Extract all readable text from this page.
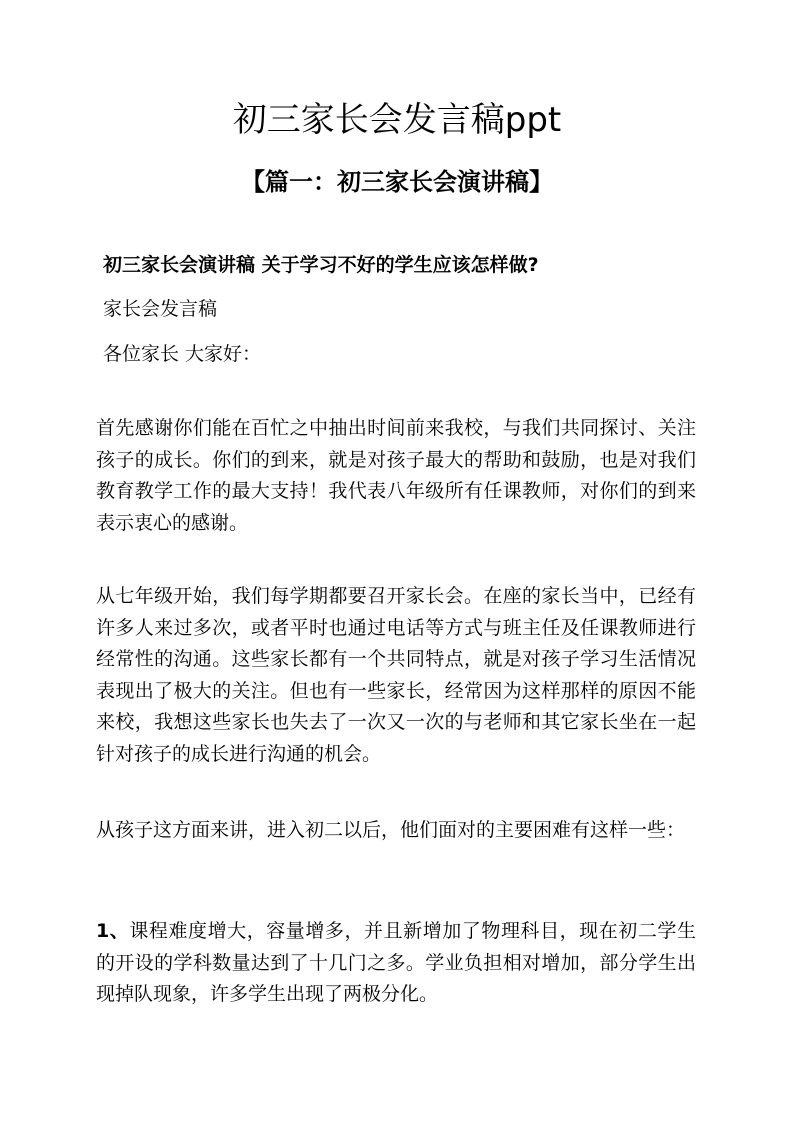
初三家长会发言稿ppt
【篇一：初三家长会演讲稿】

初三家长会演讲稿 关于学习不好的学生应该怎样做?

家长会发言稿

各位家长 大家好：

首先感谢你们能在百忙之中抽出时间前来我校，与我们共同探讨、关注孩子的成长。你们的到来，就是对孩子最大的帮助和鼓励，也是对我们教育教学工作的最大支持！我代表八年级所有任课教师，对你们的到来表示衷心的感谢。

从七年级开始，我们每学期都要召开家长会。在座的家长当中，已经有许多人来过多次，或者平时也通过电话等方式与班主任及任课教师进行经常性的沟通。这些家长都有一个共同特点，就是对孩子学习生活情况表现出了极大的关注。但也有一些家长，经常因为这样那样的原因不能来校，我想这些家长也失去了一次又一次的与老师和其它家长坐在一起针对孩子的成长进行沟通的机会。

从孩子这方面来讲，进入初二以后，他们面对的主要困难有这样一些：

1、课程难度增大，容量增多，并且新增加了物理科目，现在初二学生的开设的学科数量达到了十几门之多。学业负担相对增加，部分学生出现掉队现象，许多学生出现了两极分化。
